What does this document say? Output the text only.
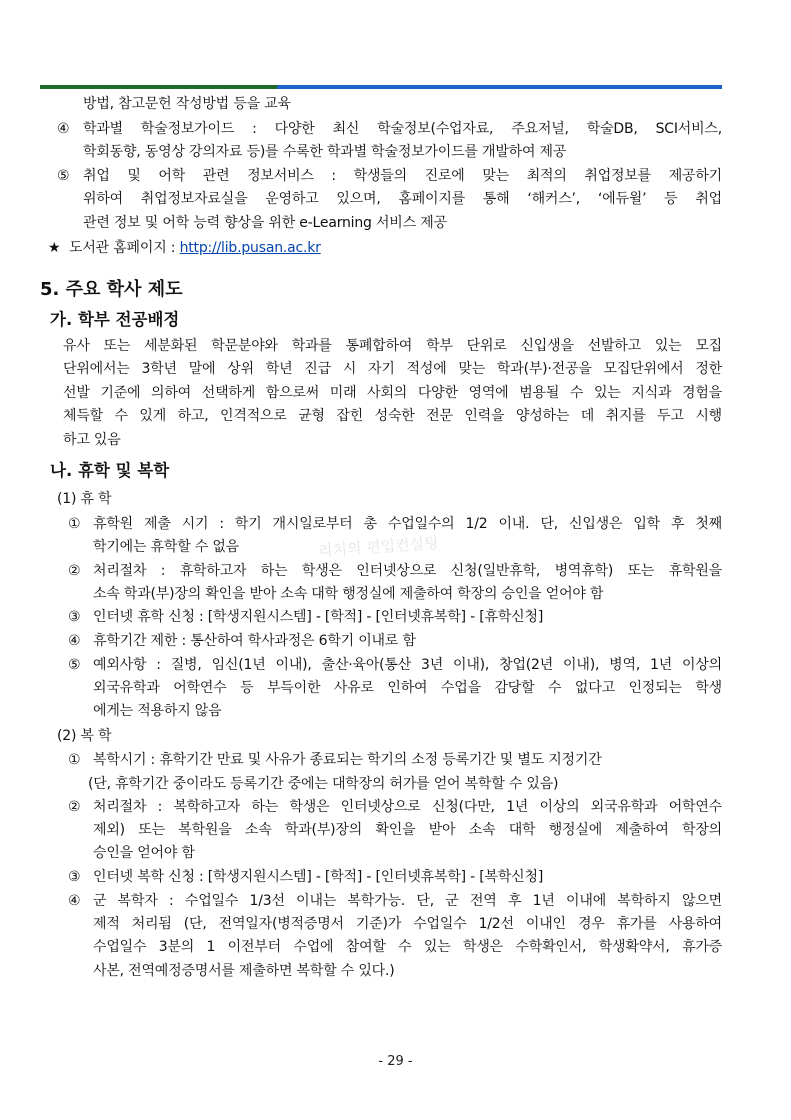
방법, 참고문헌 작성방법 등을 교육
④ 학과별 학술정보가이드 : 다양한 최신 학술정보(수업자료, 주요저널, 학술DB, SCI서비스,
학회동향, 동영상 강의자료 등)를 수록한 학과별 학술정보가이드를 개발하여 제공
⑤ 취업 및 어학 관련 정보서비스 : 학생들의 진로에 맞는 최적의 취업정보를 제공하기
위하여 취업정보자료실을 운영하고 있으며, 홈페이지를 통해 ‘해커스’, ‘에듀윌’ 등 취업
관련 정보 및 어학 능력 향상을 위한 e-Learning 서비스 제공
★ 도서관 홈페이지 : http://lib.pusan.ac.kr
5. 주요 학사 제도
가. 학부 전공배정
유사 또는 세분화된 학문분야와 학과를 통폐합하여 학부 단위로 신입생을 선발하고 있는 모집
단위에서는 3학년 말에 상위 학년 진급 시 자기 적성에 맞는 학과(부)·전공을 모집단위에서 정한
선발 기준에 의하여 선택하게 함으로써 미래 사회의 다양한 영역에 범용될 수 있는 지식과 경험을
체득할 수 있게 하고, 인격적으로 균형 잡힌 성숙한 전문 인력을 양성하는 데 취지를 두고 시행
하고 있음
나. 휴학 및 복학
(1) 휴 학
① 휴학원 제출 시기 : 학기 개시일로부터 총 수업일수의 1/2 이내. 단, 신입생은 입학 후 첫째
학기에는 휴학할 수 없음	리치의 편입컨설팅
② 처리절차 : 휴학하고자 하는 학생은 인터넷상으로 신청(일반휴학, 병역휴학) 또는 휴학원을
소속 학과(부)장의 확인을 받아 소속 대학 행정실에 제출하여 학장의 승인을 얻어야 함
③ 인터넷 휴학 신청 : [학생지원시스템] - [학적] - [인터넷휴복학] - [휴학신청]
④ 휴학기간 제한 : 통산하여 학사과정은 6학기 이내로 함
⑤ 예외사항 : 질병, 임신(1년 이내), 출산·육아(통산 3년 이내), 창업(2년 이내), 병역, 1년 이상의
외국유학과 어학연수 등 부득이한 사유로 인하여 수업을 감당할 수 없다고 인정되는 학생
에게는 적용하지 않음
(2) 복 학
① 복학시기 : 휴학기간 만료 및 사유가 종료되는 학기의 소정 등록기간 및 별도 지정기간
(단, 휴학기간 중이라도 등록기간 중에는 대학장의 허가를 얻어 복학할 수 있음)
② 처리절차 : 복학하고자 하는 학생은 인터넷상으로 신청(다만, 1년 이상의 외국유학과 어학연수
제외) 또는 복학원을 소속 학과(부)장의 확인을 받아 소속 대학 행정실에 제출하여 학장의
승인을 얻어야 함
③ 인터넷 복학 신청 : [학생지원시스템] - [학적] - [인터넷휴복학] - [복학신청]
④ 군 복학자 : 수업일수 1/3선 이내는 복학가능. 단, 군 전역 후 1년 이내에 복학하지 않으면
제적 처리됨 (단, 전역일자(병적증명서 기준)가 수업일수 1/2선 이내인 경우 휴가를 사용하여
수업일수 3분의 1 이전부터 수업에 참여할 수 있는 학생은 수학확인서, 학생확약서, 휴가증
사본, 전역예정증명서를 제출하면 복학할 수 있다.)
- 29 -
